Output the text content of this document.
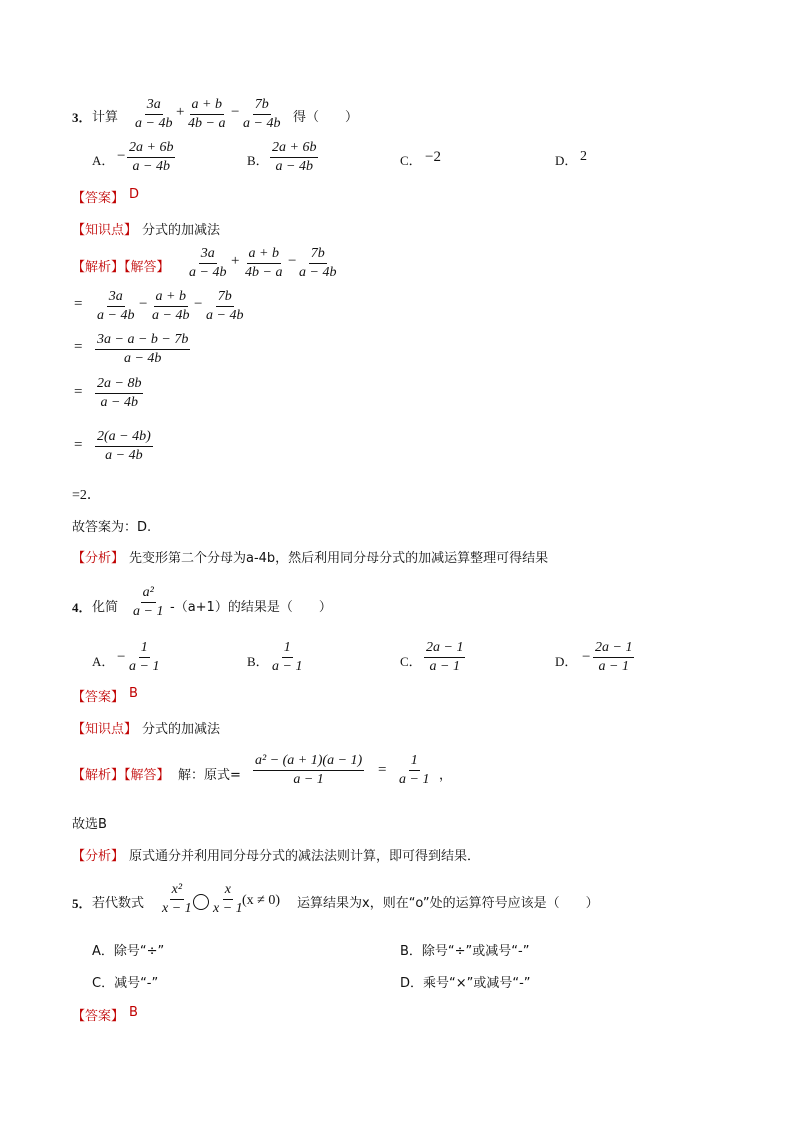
3． 计算 $\frac{3a}{a - 4b} + \frac{a + b}{4b - a} - \frac{7b}{a - 4b}$ 得（　　）
A． − $\frac{2a + 6b}{a - 4b}$	B． $\frac{2a + 6b}{a - 4b}$	C． −2	D． 2
【答案】 D
【知识点】 分式的加减法
【解析】【解答】 $\frac{3a}{a - 4b} + \frac{a + b}{4b - a} - \frac{7b}{a - 4b}$
= $\frac{3a}{a - 4b} - \frac{a + b}{a - 4b} - \frac{7b}{a - 4b}$
= $\frac{3a - a - b - 7b}{a - 4b}$
= $\frac{2a - 8b}{a - 4b}$
= $\frac{2(a - 4b)}{a - 4b}$
=2．
故答案为：D.
【分析】 先变形第二个分母为a-4b，然后利用同分母分式的加减运算整理可得结果
4． 化简 $\frac{\text{a²}}{a - 1} -(a+1)$的结果是（　　）
A． − $\frac{1}{a - 1}$	B． $\frac{1}{a - 1}$	C． $\frac{2a - 1}{a - 1}$	D． − $\frac{2a - 1}{a - 1}$
【答案】 B
【知识点】 分式的加减法
【解析】【解答】 解：原式= $\frac{\text{a² − (a + 1)(a − 1)}}{a - 1} = \frac{1}{a - 1}$ ，
故选B
【分析】 原式通分并利用同分母分式的减法法则计算，即可得到结果．
5． 若代数式 $\frac{\text{x²}}{x - 1} \frac{x}{x - 1}$
(x ≠ 0) 运算结果为x，则在“o”处的运算符号应该是（　　）
A．除号“÷”	B．除号“÷”或减号“-”
C．减号“-”	D．乘号“×”或减号“-”
【答案】 B
